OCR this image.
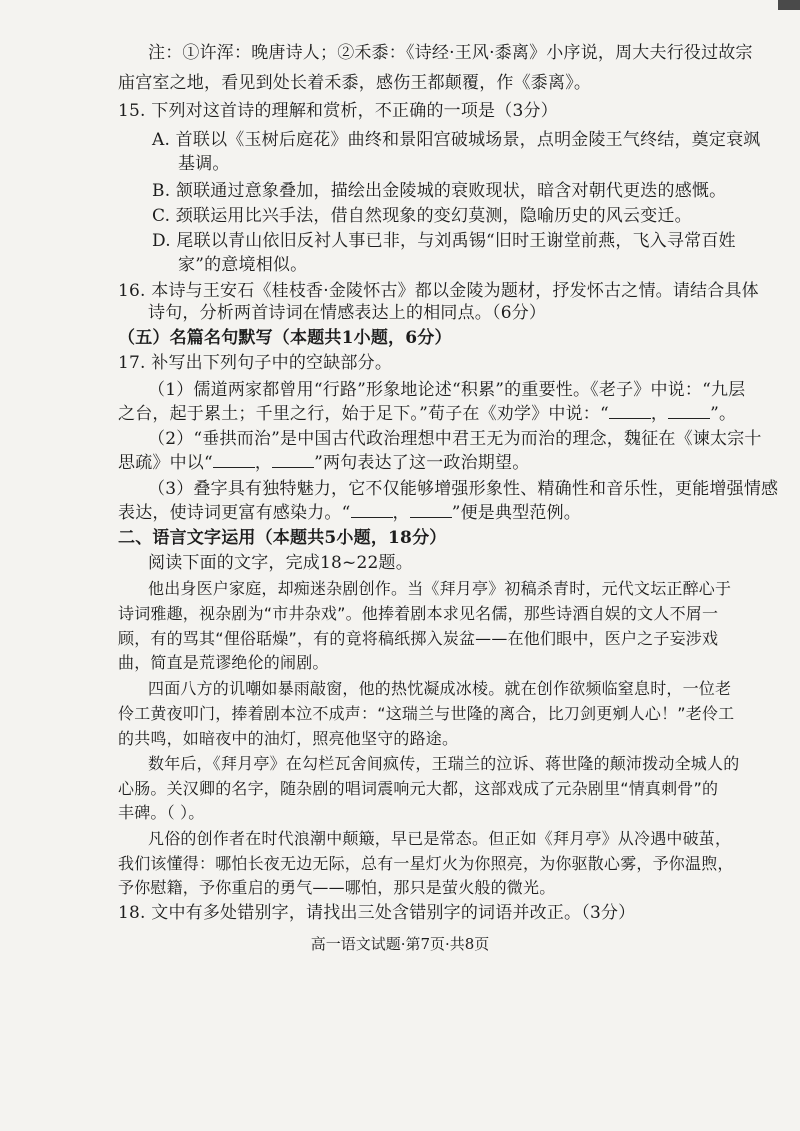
注：①许浑：晚唐诗人；②禾黍：《诗经·王风·黍离》小序说，周大夫行役过故宗
庙宫室之地，看见到处长着禾黍，感伤王都颠覆，作《黍离》。
15. 下列对这首诗的理解和赏析，不正确的一项是（3分）
A. 首联以《玉树后庭花》曲终和景阳宫破城场景，点明金陵王气终结，奠定衰飒
基调。
B. 颔联通过意象叠加，描绘出金陵城的衰败现状，暗含对朝代更迭的感慨。
C. 颈联运用比兴手法，借自然现象的变幻莫测，隐喻历史的风云变迁。
D. 尾联以青山依旧反衬人事已非，与刘禹锡“旧时王谢堂前燕，飞入寻常百姓
家”的意境相似。
16. 本诗与王安石《桂枝香·金陵怀古》都以金陵为题材，抒发怀古之情。请结合具体
诗句，分析两首诗词在情感表达上的相同点。（6分）
（五）名篇名句默写（本题共1小题，6分）
17. 补写出下列句子中的空缺部分。
（1）儒道两家都曾用“行路”形象地论述“积累”的重要性。《老子》中说：“九层
之台，起于累土；千里之行，始于足下。”荀子在《劝学》中说：“ ， ”。
（2）“垂拱而治”是中国古代政治理想中君王无为而治的理念，魏征在《谏太宗十
思疏》中以“ ， ”两句表达了这一政治期望。
（3）叠字具有独特魅力，它不仅能够增强形象性、精确性和音乐性，更能增强情感
表达，使诗词更富有感染力。“ ， ”便是典型范例。
二、语言文字运用（本题共5小题，18分）
阅读下面的文字，完成18~22题。
他出身医户家庭，却痴迷杂剧创作。当《拜月亭》初稿杀青时，元代文坛正醉心于
诗词雅趣，视杂剧为“市井杂戏”。他捧着剧本求见名儒，那些诗酒自娱的文人不屑一
顾，有的骂其“俚俗聒燥”，有的竟将稿纸掷入炭盆——在他们眼中，医户之子妄涉戏
曲，简直是荒谬绝伦的闹剧。
四面八方的讥嘲如暴雨敲窗，他的热忱凝成冰棱。就在创作欲频临窒息时，一位老
伶工黄夜叩门，捧着剧本泣不成声：“这瑞兰与世隆的离合，比刀剑更剜人心！”老伶工
的共鸣，如暗夜中的油灯，照亮他坚守的路途。
数年后，《拜月亭》在勾栏瓦舍间疯传，王瑞兰的泣诉、蒋世隆的颠沛拨动全城人的
心肠。关汉卿的名字，随杂剧的唱词震响元大都，这部戏成了元杂剧里“情真刺骨”的
丰碑。（ ）。
凡俗的创作者在时代浪潮中颠簸，早已是常态。但正如《拜月亭》从冷遇中破茧，
我们该懂得：哪怕长夜无边无际，总有一星灯火为你照亮，为你驱散心雾，予你温煦，
予你慰籍，予你重启的勇气——哪怕，那只是萤火般的微光。
18. 文中有多处错别字，请找出三处含错别字的词语并改正。（3分）
高一语文试题·第7页·共8页
